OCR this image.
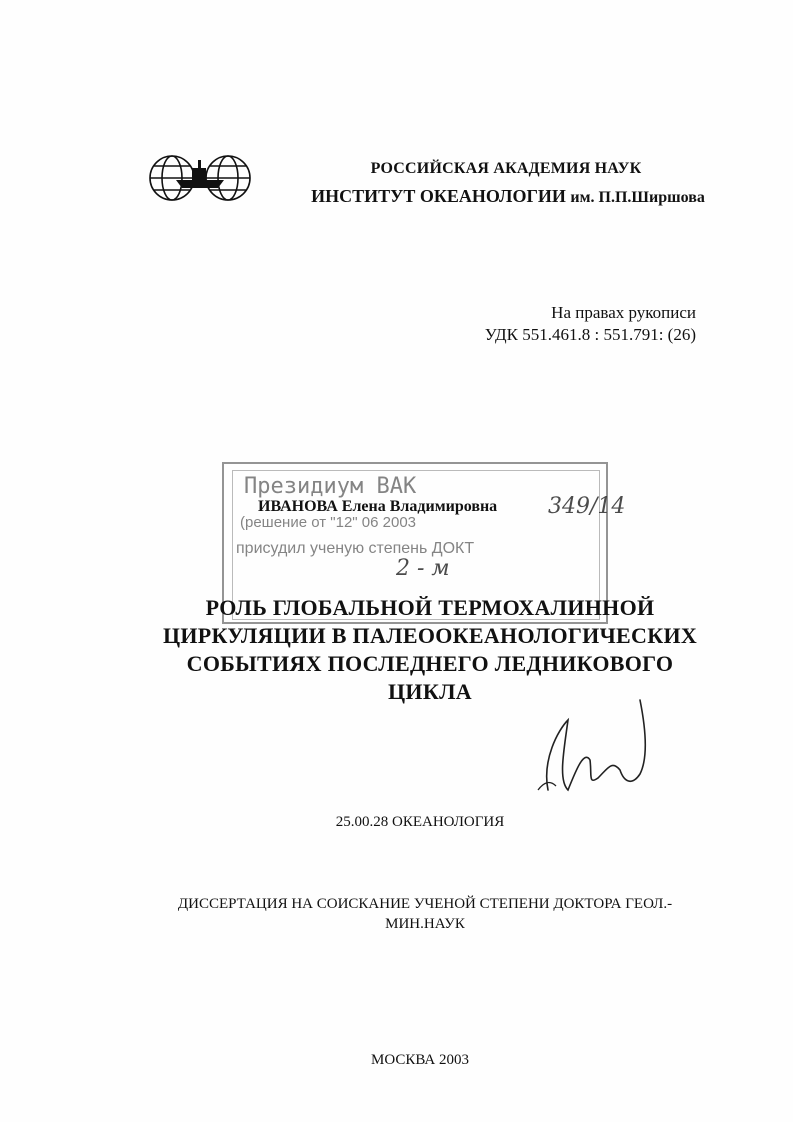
РОССИЙСКАЯ АКАДЕМИЯ НАУК
ИНСТИТУТ ОКЕАНОЛОГИИ им. П.П.Ширшова
На правах рукописи
УДК 551.461.8 : 551.791: (26)
Президиум ВАК
(решение от "12" 06 2003
присудил ученую степень ДОКТ
ИВАНОВА Елена Владимировна 349/14
2 - м
РОЛЬ ГЛОБАЛЬНОЙ ТЕРМОХАЛИННОЙ
ЦИРКУЛЯЦИИ В ПАЛЕООКЕАНОЛОГИЧЕСКИХ
СОБЫТИЯХ ПОСЛЕДНЕГО ЛЕДНИКОВОГО
ЦИКЛА
25.00.28 ОКЕАНОЛОГИЯ
ДИССЕРТАЦИЯ НА СОИСКАНИЕ УЧЕНОЙ СТЕПЕНИ ДОКТОРА ГЕОЛ.-
МИН.НАУК
МОСКВА 2003
